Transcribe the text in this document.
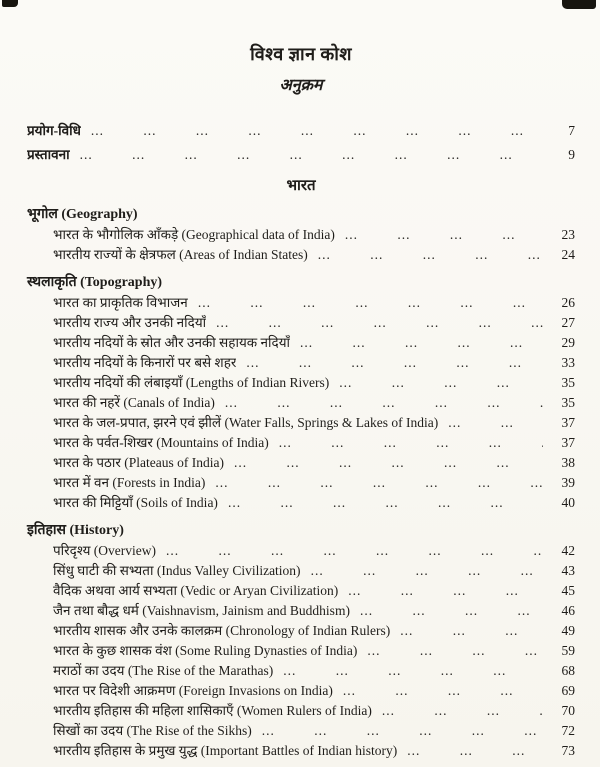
विश्व ज्ञान कोश
अनुक्रम
प्रयोग-विधि ...	7
प्रस्तावना ...	9
भारत
भूगोल (Geography)
भारत के भौगोलिक आँकड़े (Geographical data of India) ...	23
भारतीय राज्यों के क्षेत्रफल (Areas of Indian States) ...	24
स्थलाकृति (Topography)
भारत का प्राकृतिक विभाजन ...	26
भारतीय राज्य और उनकी नदियाँ ...	27
भारतीय नदियों के स्रोत और उनकी सहायक नदियाँ ...	29
भारतीय नदियों के किनारों पर बसे शहर ...	33
भारतीय नदियों की लंबाइयाँ (Lengths of Indian Rivers) ...	35
भारत की नहरें (Canals of India) ...	35
भारत के जल-प्रपात, झरने एवं झीलें (Water Falls, Springs & Lakes of India) ...	37
भारत के पर्वत-शिखर (Mountains of India) ...	37
भारत के पठार (Plateaus of India) ...	38
भारत में वन (Forests in India) ...	39
भारत की मिट्टियाँ (Soils of India) ...	40
इतिहास (History)
परिदृश्य (Overview) ...	42
सिंधु घाटी की सभ्यता (Indus Valley Civilization) ...	43
वैदिक अथवा आर्य सभ्यता (Vedic or Aryan Civilization) ...	45
जैन तथा बौद्ध धर्म (Vaishnavism, Jainism and Buddhism) ...	46
भारतीय शासक और उनके कालक्रम (Chronology of Indian Rulers) ...	49
भारत के कुछ शासक वंश (Some Ruling Dynasties of India) ...	59
मराठों का उदय (The Rise of the Marathas) ...	68
भारत पर विदेशी आक्रमण (Foreign Invasions on India) ...	69
भारतीय इतिहास की महिला शासिकाएँ (Women Rulers of India) ...	70
सिखों का उदय (The Rise of the Sikhs) ...	72
भारतीय इतिहास के प्रमुख युद्ध (Important Battles of Indian history) ...	73
